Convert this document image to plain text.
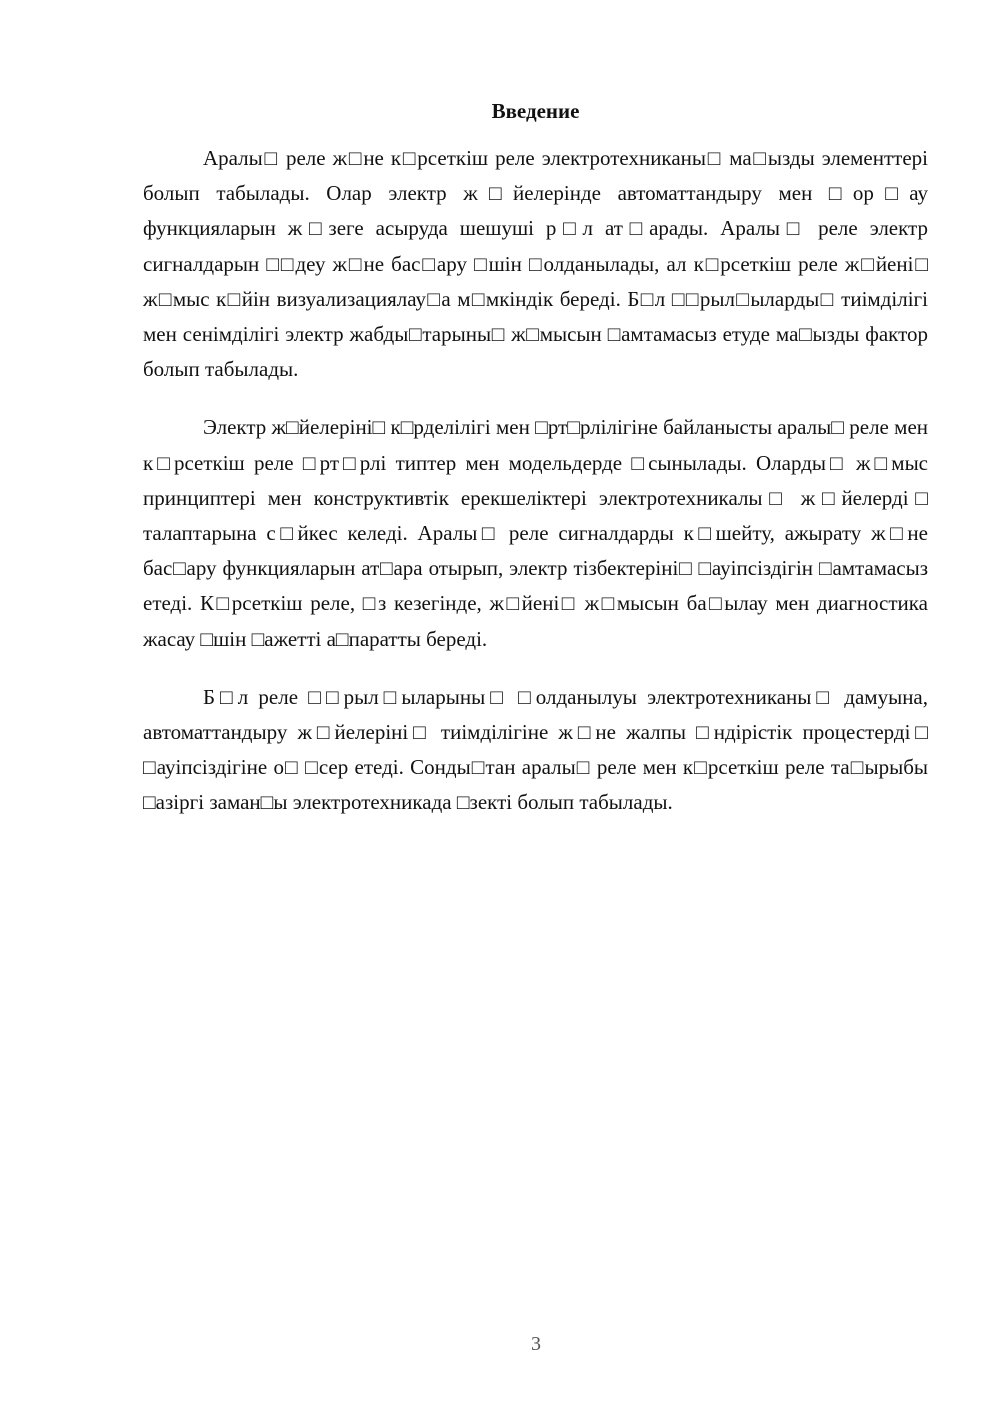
Введение

Аралы□ реле ж□не к□рсеткіш реле электротехниканы□ ма□ызды элементтері болып табылады. Олар электр ж□йелерінде автоматтандыру мен □ор□ау функцияларын ж□зеге асыруда шешуші р□л ат□арады. Аралы□ реле электр сигналдарын □□деу ж□не бас□ару □шін □олданылады, ал к□рсеткіш реле ж□йені□ ж□мыс к□йін визуализациялау□а м□мкіндік береді. Б□л □□рыл□ыларды□ тиімділігі мен сенімділігі электр жабды□тарыны□ ж□мысын □амтамасыз етуде ма□ызды фактор болып табылады.

Электр ж□йелеріні□ к□рделілігі мен □рт□рлілігіне байланысты аралы□ реле мен к□рсеткіш реле □рт□рлі типтер мен модельдерде □сынылады. Оларды□ ж□мыс принциптері мен конструктивтік ерекшеліктері электротехникалы□ ж□йелерді□ талаптарына с□йкес келеді. Аралы□ реле сигналдарды к□шейту, ажырату ж□не бас□ару функцияларын ат□ара отырып, электр тізбектеріні□ □ауіпсіздігін □амтамасыз етеді. К□рсеткіш реле, □з кезегінде, ж□йені□ ж□мысын ба□ылау мен диагностика жасау □шін □ажетті а□паратты береді.

Б□л реле □□рыл□ыларыны□ □олданылуы электротехниканы□ дамуына, автоматтандыру ж□йелеріні□ тиімділігіне ж□не жалпы □ндірістік процестерді□ □ауіпсіздігіне о□ □сер етеді. Сонды□тан аралы□ реле мен к□рсеткіш реле та□ырыбы □азіргі заман□ы электротехникада □зекті болып табылады.

3
